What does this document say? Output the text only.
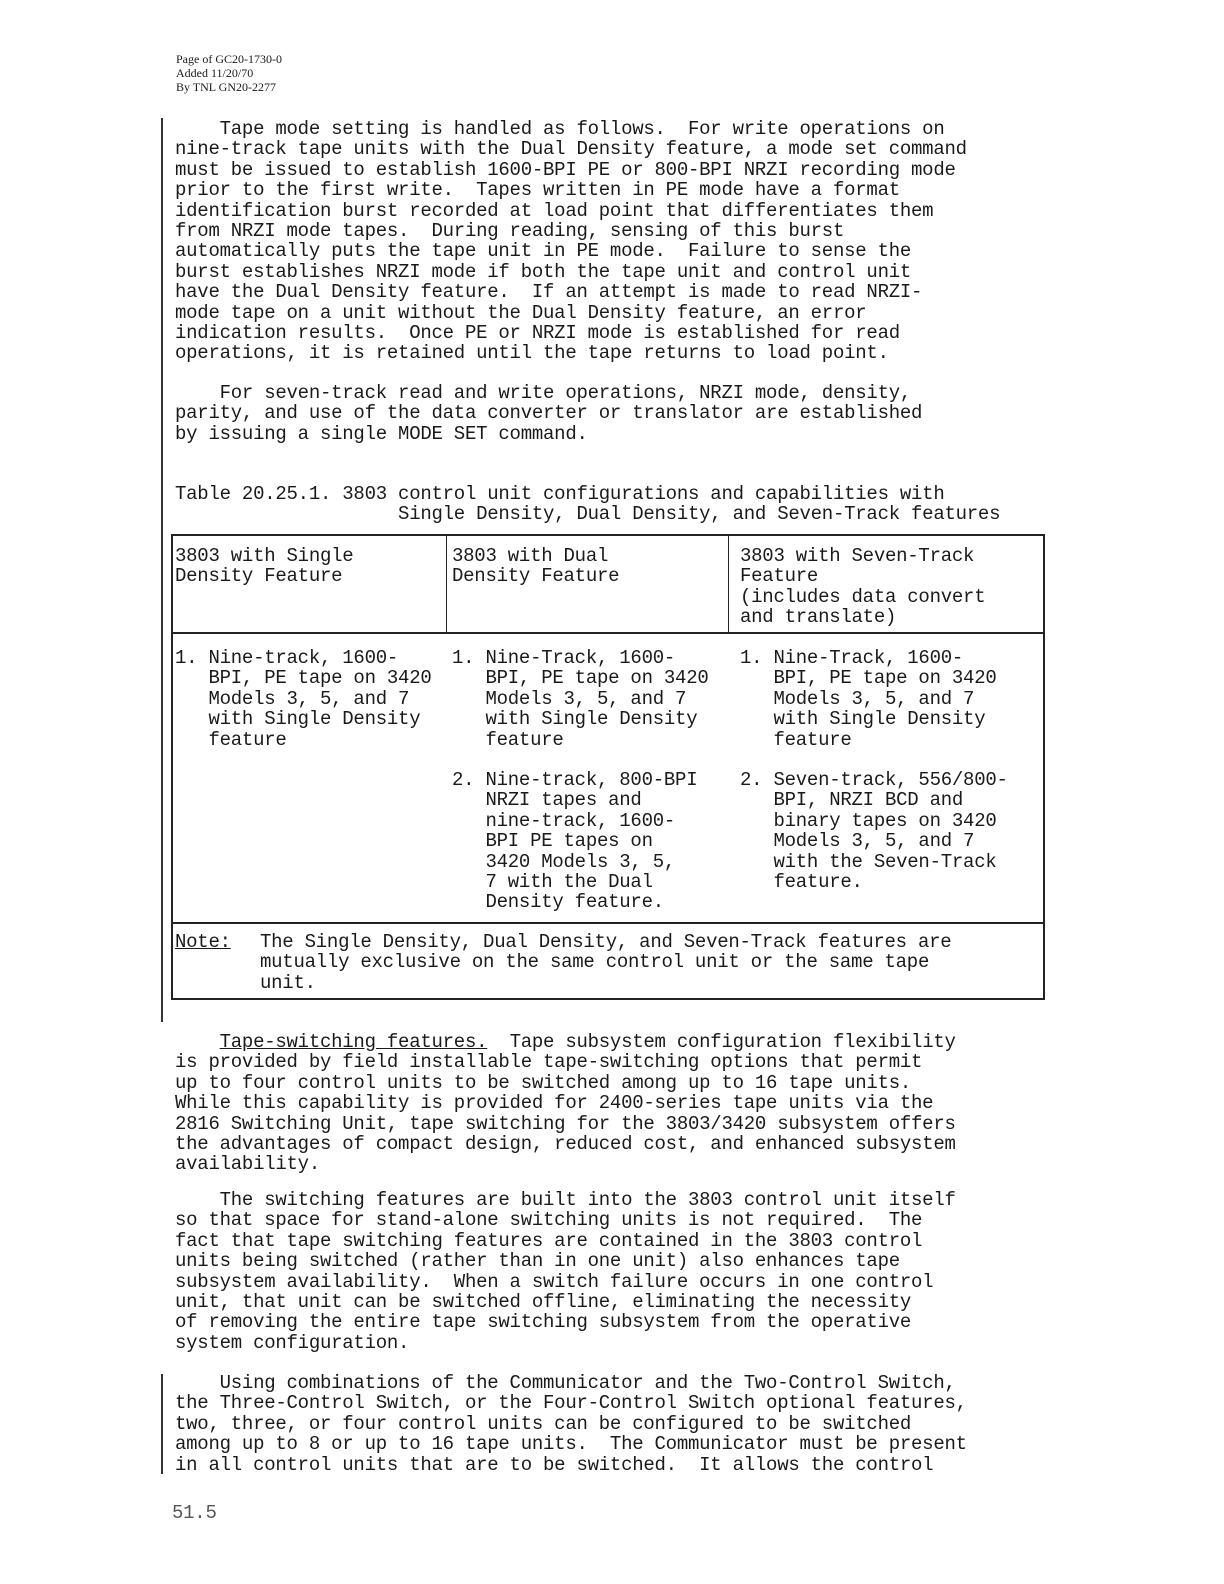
Page of GC20-1730-0
Added 11/20/70
By TNL GN20-2277
Tape mode setting is handled as follows.  For write operations on
nine-track tape units with the Dual Density feature, a mode set command
must be issued to establish 1600-BPI PE or 800-BPI NRZI recording mode
prior to the first write.  Tapes written in PE mode have a format
identification burst recorded at load point that differentiates them
from NRZI mode tapes.  During reading, sensing of this burst
automatically puts the tape unit in PE mode.  Failure to sense the
burst establishes NRZI mode if both the tape unit and control unit
have the Dual Density feature.  If an attempt is made to read NRZI-
mode tape on a unit without the Dual Density feature, an error
indication results.  Once PE or NRZI mode is established for read
operations, it is retained until the tape returns to load point.
For seven-track read and write operations, NRZI mode, density,
parity, and use of the data converter or translator are established
by issuing a single MODE SET command.
Table 20.25.1. 3803 control unit configurations and capabilities with
Single Density, Dual Density, and Seven-Track features
3803 with Single
Density Feature
3803 with Dual
Density Feature
3803 with Seven-Track
Feature
(includes data convert
and translate)
1. Nine-track, 1600-
BPI, PE tape on 3420
Models 3, 5, and 7
with Single Density
feature
1. Nine-Track, 1600-
BPI, PE tape on 3420
Models 3, 5, and 7
with Single Density
feature
1. Nine-Track, 1600-
BPI, PE tape on 3420
Models 3, 5, and 7
with Single Density
feature
2. Nine-track, 800-BPI
NRZI tapes and
nine-track, 1600-
BPI PE tapes on
3420 Models 3, 5,
7 with the Dual
Density feature.
2. Seven-track, 556/800-
BPI, NRZI BCD and
binary tapes on 3420
Models 3, 5, and 7
with the Seven-Track
feature.
Note: The Single Density, Dual Density, and Seven-Track features are
mutually exclusive on the same control unit or the same tape
unit.
Tape-switching features.  Tape subsystem configuration flexibility
is provided by field installable tape-switching options that permit
up to four control units to be switched among up to 16 tape units.
While this capability is provided for 2400-series tape units via the
2816 Switching Unit, tape switching for the 3803/3420 subsystem offers
the advantages of compact design, reduced cost, and enhanced subsystem
availability.
The switching features are built into the 3803 control unit itself
so that space for stand-alone switching units is not required.  The
fact that tape switching features are contained in the 3803 control
units being switched (rather than in one unit) also enhances tape
subsystem availability.  When a switch failure occurs in one control
unit, that unit can be switched offline, eliminating the necessity
of removing the entire tape switching subsystem from the operative
system configuration.
Using combinations of the Communicator and the Two-Control Switch,
the Three-Control Switch, or the Four-Control Switch optional features,
two, three, or four control units can be configured to be switched
among up to 8 or up to 16 tape units.  The Communicator must be present
in all control units that are to be switched.  It allows the control
51.5
